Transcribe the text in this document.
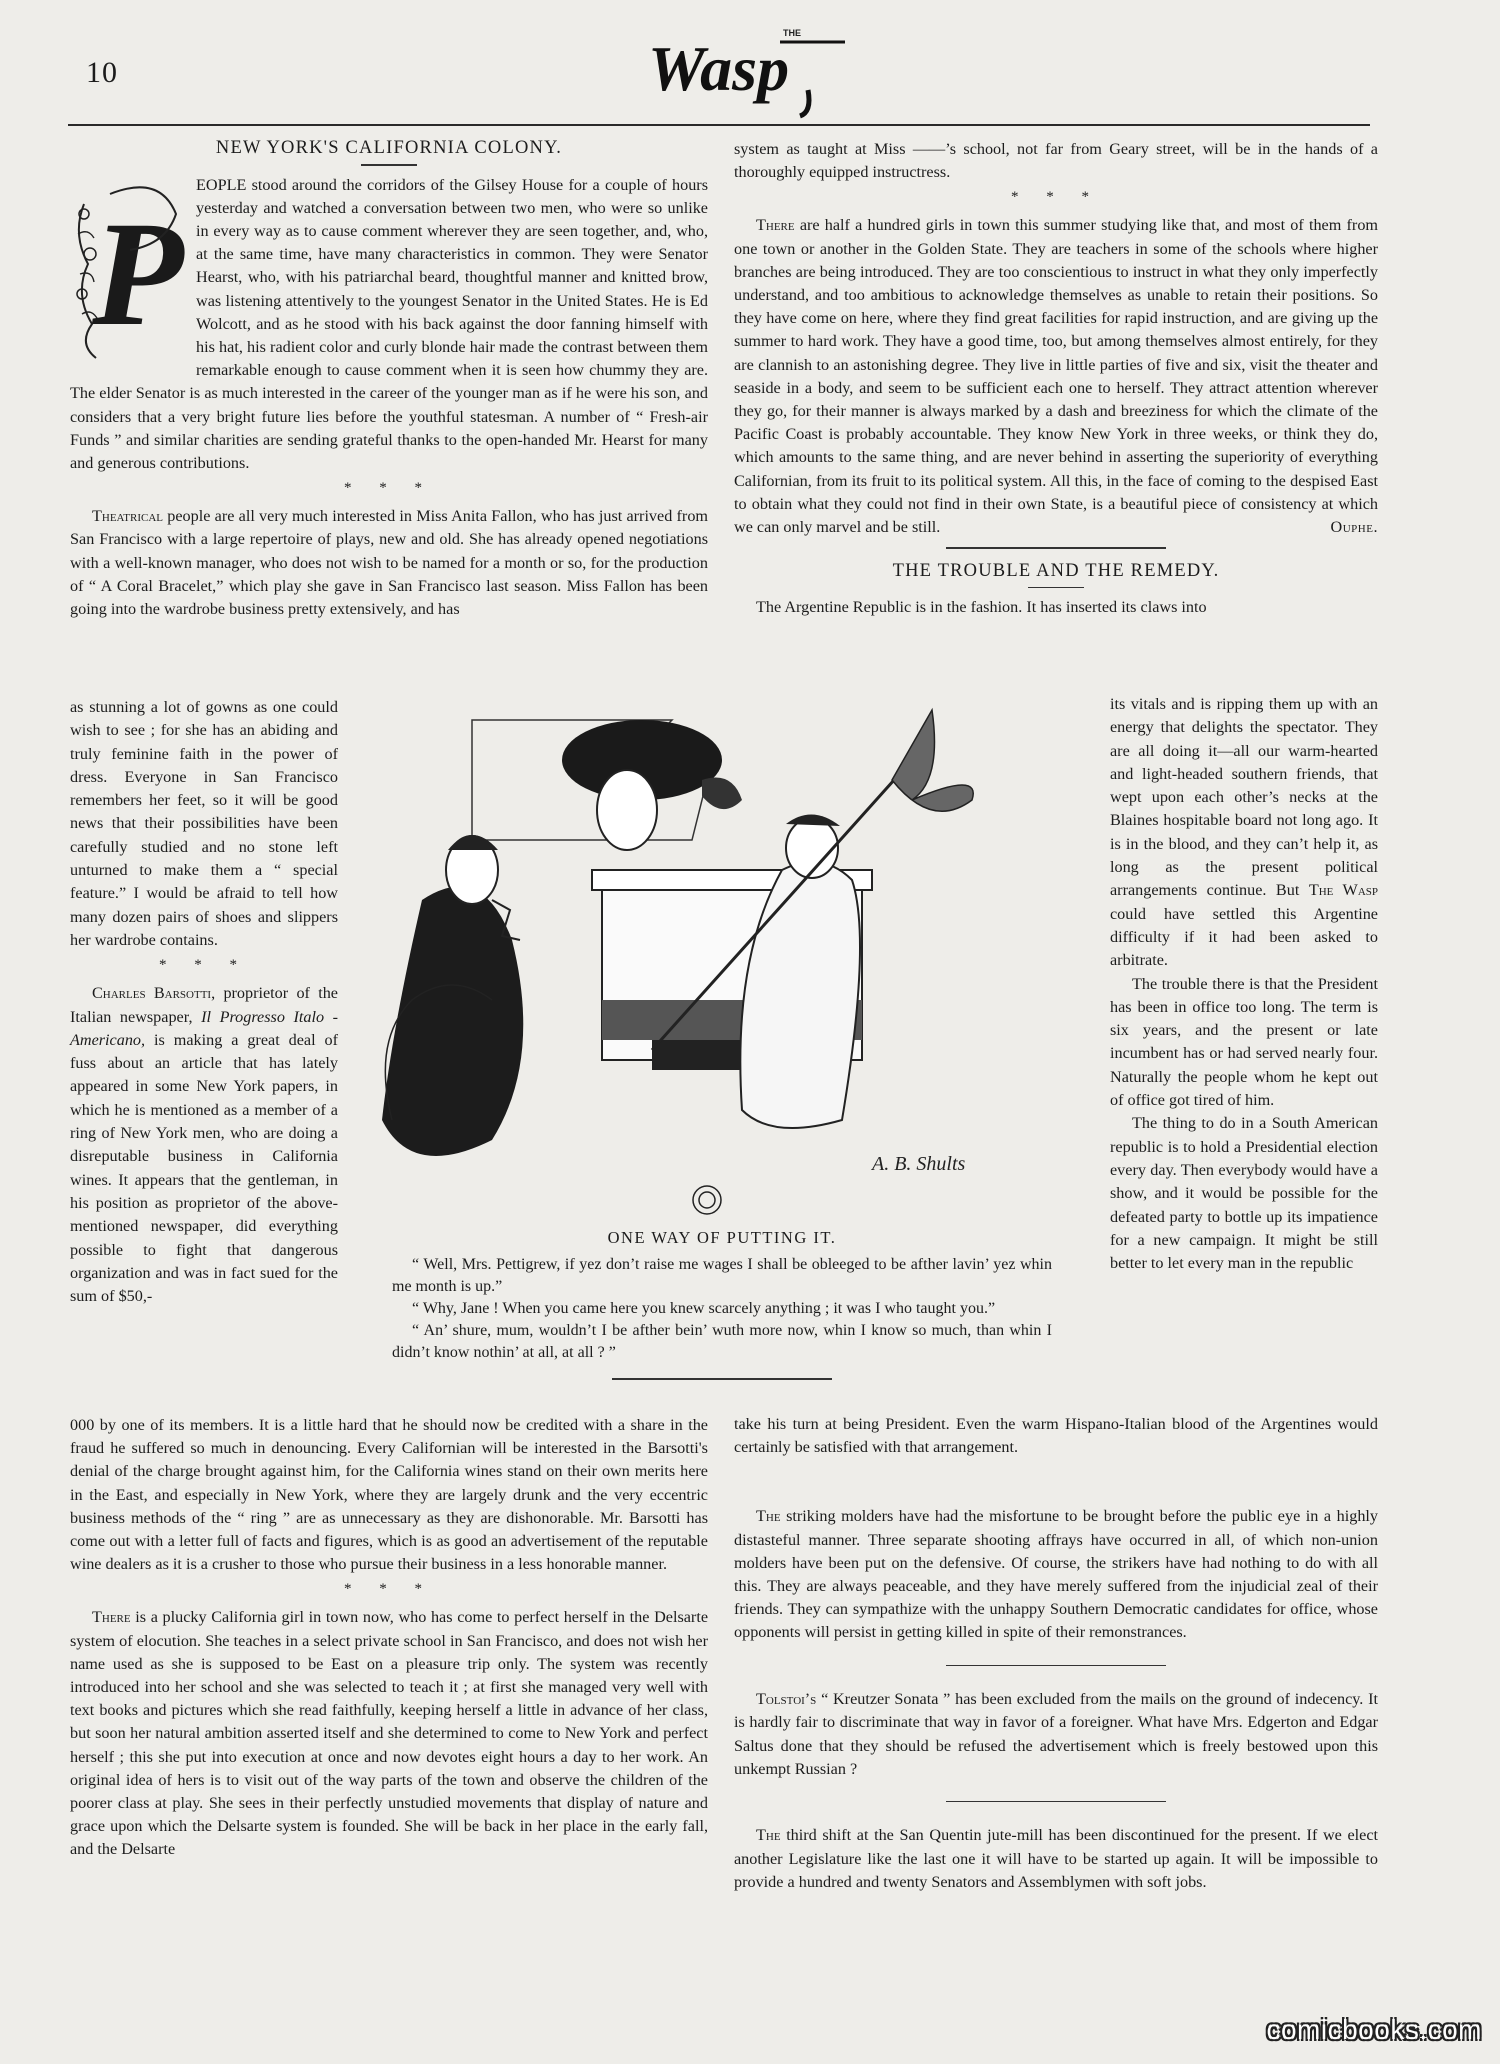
10
THE
Wasp
NEW YORK'S CALIFORNIA COLONY.
P

EOPLE stood around the corridors of the Gilsey House for a couple of hours yesterday and watched a conversation between two men, who were so unlike in every way as to cause comment wherever they are seen together, and, who, at the same time, have many characteristics in common. They were Senator Hearst, who, with his patriarchal beard, thoughtful manner and knitted brow, was listening attentively to the youngest Senator in the United States. He is Ed Wolcott, and as he stood with his back against the door fanning himself with his hat, his radient color and curly blonde hair made the contrast between them remarkable enough to cause comment when it is seen how chummy they are. The elder Senator is as much interested in the career of the younger man as if he were his son, and considers that a very bright future lies before the youthful statesman. A number of “ Fresh-air Funds ” and similar charities are sending grateful thanks to the open-handed Mr. Hearst for many and generous contributions.

* * *

Theatrical people are all very much interested in Miss Anita Fallon, who has just arrived from San Francisco with a large repertoire of plays, new and old. She has already opened negotiations with a well-known manager, who does not wish to be named for a month or so, for the production of “ A Coral Bracelet,” which play she gave in San Francisco last season. Miss Fallon has been going into the wardrobe business pretty extensively, and has

as stunning a lot of gowns as one could wish to see ; for she has an abiding and truly feminine faith in the power of dress. Everyone in San Francisco remembers her feet, so it will be good news that their possibilities have been carefully studied and no stone left unturned to make them a “ special feature.” I would be afraid to tell how many dozen pairs of shoes and slippers her wardrobe contains.

* * *

Charles Barsotti, proprietor of the Italian newspaper, Il Progresso Italo - Americano, is making a great deal of fuss about an article that has lately appeared in some New York papers, in which he is mentioned as a member of a ring of New York men, who are doing a disreputable business in California wines. It appears that the gentleman, in his position as proprietor of the above-mentioned newspaper, did everything possible to fight that dangerous organization and was in fact sued for the sum of $50,-

000 by one of its members. It is a little hard that he should now be credited with a share in the fraud he suffered so much in denouncing. Every Californian will be interested in the Barsotti's denial of the charge brought against him, for the California wines stand on their own merits here in the East, and especially in New York, where they are largely drunk and the very eccentric business methods of the “ ring ” are as unnecessary as they are dishonorable. Mr. Barsotti has come out with a letter full of facts and figures, which is as good an advertisement of the reputable wine dealers as it is a crusher to those who pursue their business in a less honorable manner.

* * *

There is a plucky California girl in town now, who has come to perfect herself in the Delsarte system of elocution. She teaches in a select private school in San Francisco, and does not wish her name used as she is supposed to be East on a pleasure trip only. The system was recently introduced into her school and she was selected to teach it ; at first she managed very well with text books and pictures which she read faithfully, keeping herself a little in advance of her class, but soon her natural ambition asserted itself and she determined to come to New York and perfect herself ; this she put into execution at once and now devotes eight hours a day to her work. An original idea of hers is to visit out of the way parts of the town and observe the children of the poorer class at play. She sees in their perfectly unstudied movements that display of nature and grace upon which the Delsarte system is founded. She will be back in her place in the early fall, and the Delsarte

A. B. Shults
ONE WAY OF PUTTING IT.

“ Well, Mrs. Pettigrew, if yez don’t raise me wages I shall be obleeged to be afther lavin’ yez whin me month is up.”

“ Why, Jane ! When you came here you knew scarcely anything ; it was I who taught you.”

“ An’ shure, mum, wouldn’t I be afther bein’ wuth more now, whin I know so much, than whin I didn’t know nothin’ at all, at all ? ”

system as taught at Miss ——’s school, not far from Geary street, will be in the hands of a thoroughly equipped instructress.

* * *

There are half a hundred girls in town this summer studying like that, and most of them from one town or another in the Golden State. They are teachers in some of the schools where higher branches are being introduced. They are too conscientious to instruct in what they only imperfectly understand, and too ambitious to acknowledge themselves as unable to retain their positions. So they have come on here, where they find great facilities for rapid instruction, and are giving up the summer to hard work. They have a good time, too, but among themselves almost entirely, for they are clannish to an astonishing degree. They live in little parties of five and six, visit the theater and seaside in a body, and seem to be sufficient each one to herself. They attract attention wherever they go, for their manner is always marked by a dash and breeziness for which the climate of the Pacific Coast is probably accountable. They know New York in three weeks, or think they do, which amounts to the same thing, and are never behind in asserting the superiority of everything Californian, from its fruit to its political system. All this, in the face of coming to the despised East to obtain what they could not find in their own State, is a beautiful piece of consistency at which we can only marvel and be still.	Ouphe.

THE TROUBLE AND THE REMEDY.

The Argentine Republic is in the fashion. It has inserted its claws into

its vitals and is ripping them up with an energy that delights the spectator. They are all doing it—all our warm-hearted and light-headed southern friends, that wept upon each other’s necks at the Blaines hospitable board not long ago. It is in the blood, and they can’t help it, as long as the present political arrangements continue. But The Wasp could have settled this Argentine difficulty if it had been asked to arbitrate.

The trouble there is that the President has been in office too long. The term is six years, and the present or late incumbent has or had served nearly four. Naturally the people whom he kept out of office got tired of him.

The thing to do in a South American republic is to hold a Presidential election every day. Then everybody would have a show, and it would be possible for the defeated party to bottle up its impatience for a new campaign. It might be still better to let every man in the republic

take his turn at being President. Even the warm Hispano-Italian blood of the Argentines would certainly be satisfied with that arrangement.

The striking molders have had the misfortune to be brought before the public eye in a highly distasteful manner. Three separate shooting affrays have occurred in all, of which non-union molders have been put on the defensive. Of course, the strikers have had nothing to do with all this. They are always peaceable, and they have merely suffered from the injudicial zeal of their friends. They can sympathize with the unhappy Southern Democratic candidates for office, whose opponents will persist in getting killed in spite of their remonstrances.

Tolstoi’s “ Kreutzer Sonata ” has been excluded from the mails on the ground of indecency. It is hardly fair to discriminate that way in favor of a foreigner. What have Mrs. Edgerton and Edgar Saltus done that they should be refused the advertisement which is freely bestowed upon this unkempt Russian ?

The third shift at the San Quentin jute-mill has been discontinued for the present. If we elect another Legislature like the last one it will have to be started up again. It will be impossible to provide a hundred and twenty Senators and Assemblymen with soft jobs.

comicbooks.com
